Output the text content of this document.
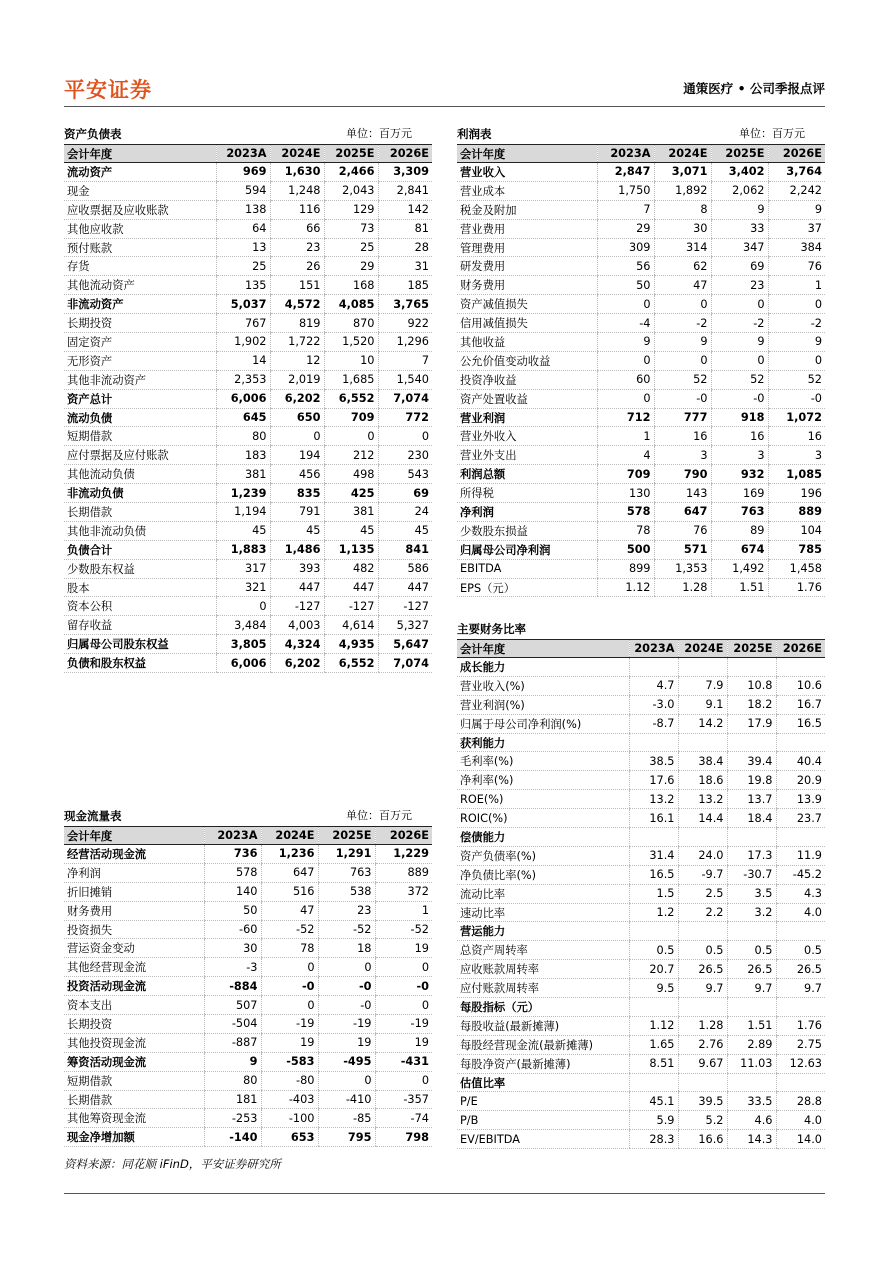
平安证券	通策医疗 • 公司季报点评
资产负债表	单位：百万元
会计年度	2023A	2024E	2025E	2026E
流动资产	969	1,630	2,466	3,309
现金	594	1,248	2,043	2,841
应收票据及应收账款	138	116	129	142
其他应收款	64	66	73	81
预付账款	13	23	25	28
存货	25	26	29	31
其他流动资产	135	151	168	185
非流动资产	5,037	4,572	4,085	3,765
长期投资	767	819	870	922
固定资产	1,902	1,722	1,520	1,296
无形资产	14	12	10	7
其他非流动资产	2,353	2,019	1,685	1,540
资产总计	6,006	6,202	6,552	7,074
流动负债	645	650	709	772
短期借款	80	0	0	0
应付票据及应付账款	183	194	212	230
其他流动负债	381	456	498	543
非流动负债	1,239	835	425	69
长期借款	1,194	791	381	24
其他非流动负债	45	45	45	45
负债合计	1,883	1,486	1,135	841
少数股东权益	317	393	482	586
股本	321	447	447	447
资本公积	0	-127	-127	-127
留存收益	3,484	4,003	4,614	5,327
归属母公司股东权益	3,805	4,324	4,935	5,647
负债和股东权益	6,006	6,202	6,552	7,074
利润表	单位：百万元
会计年度	2023A	2024E	2025E	2026E
营业收入	2,847	3,071	3,402	3,764
营业成本	1,750	1,892	2,062	2,242
税金及附加	7	8	9	9
营业费用	29	30	33	37
管理费用	309	314	347	384
研发费用	56	62	69	76
财务费用	50	47	23	1
资产减值损失	0	0	0	0
信用减值损失	-4	-2	-2	-2
其他收益	9	9	9	9
公允价值变动收益	0	0	0	0
投资净收益	60	52	52	52
资产处置收益	0	-0	-0	-0
营业利润	712	777	918	1,072
营业外收入	1	16	16	16
营业外支出	4	3	3	3
利润总额	709	790	932	1,085
所得税	130	143	169	196
净利润	578	647	763	889
少数股东损益	78	76	89	104
归属母公司净利润	500	571	674	785
EBITDA	899	1,353	1,492	1,458
EPS（元）	1.12	1.28	1.51	1.76
主要财务比率
会计年度	2023A	2024E	2025E	2026E
成长能力				
营业收入(%)	4.7	7.9	10.8	10.6
营业利润(%)	-3.0	9.1	18.2	16.7
归属于母公司净利润(%)	-8.7	14.2	17.9	16.5
获利能力				
毛利率(%)	38.5	38.4	39.4	40.4
净利率(%)	17.6	18.6	19.8	20.9
ROE(%)	13.2	13.2	13.7	13.9
ROIC(%)	16.1	14.4	18.4	23.7
偿债能力				
资产负债率(%)	31.4	24.0	17.3	11.9
净负债比率(%)	16.5	-9.7	-30.7	-45.2
流动比率	1.5	2.5	3.5	4.3
速动比率	1.2	2.2	3.2	4.0
营运能力				
总资产周转率	0.5	0.5	0.5	0.5
应收账款周转率	20.7	26.5	26.5	26.5
应付账款周转率	9.5	9.7	9.7	9.7
每股指标（元）				
每股收益(最新摊薄)	1.12	1.28	1.51	1.76
每股经营现金流(最新摊薄)	1.65	2.76	2.89	2.75
每股净资产(最新摊薄)	8.51	9.67	11.03	12.63
估值比率				
P/E	45.1	39.5	33.5	28.8
P/B	5.9	5.2	4.6	4.0
EV/EBITDA	28.3	16.6	14.3	14.0
现金流量表	单位：百万元
会计年度	2023A	2024E	2025E	2026E
经营活动现金流	736	1,236	1,291	1,229
净利润	578	647	763	889
折旧摊销	140	516	538	372
财务费用	50	47	23	1
投资损失	-60	-52	-52	-52
营运资金变动	30	78	18	19
其他经营现金流	-3	0	0	0
投资活动现金流	-884	-0	-0	-0
资本支出	507	0	-0	0
长期投资	-504	-19	-19	-19
其他投资现金流	-887	19	19	19
筹资活动现金流	9	-583	-495	-431
短期借款	80	-80	0	0
长期借款	181	-403	-410	-357
其他筹资现金流	-253	-100	-85	-74
现金净增加额	-140	653	795	798
资料来源：同花顺 iFinD，平安证券研究所
